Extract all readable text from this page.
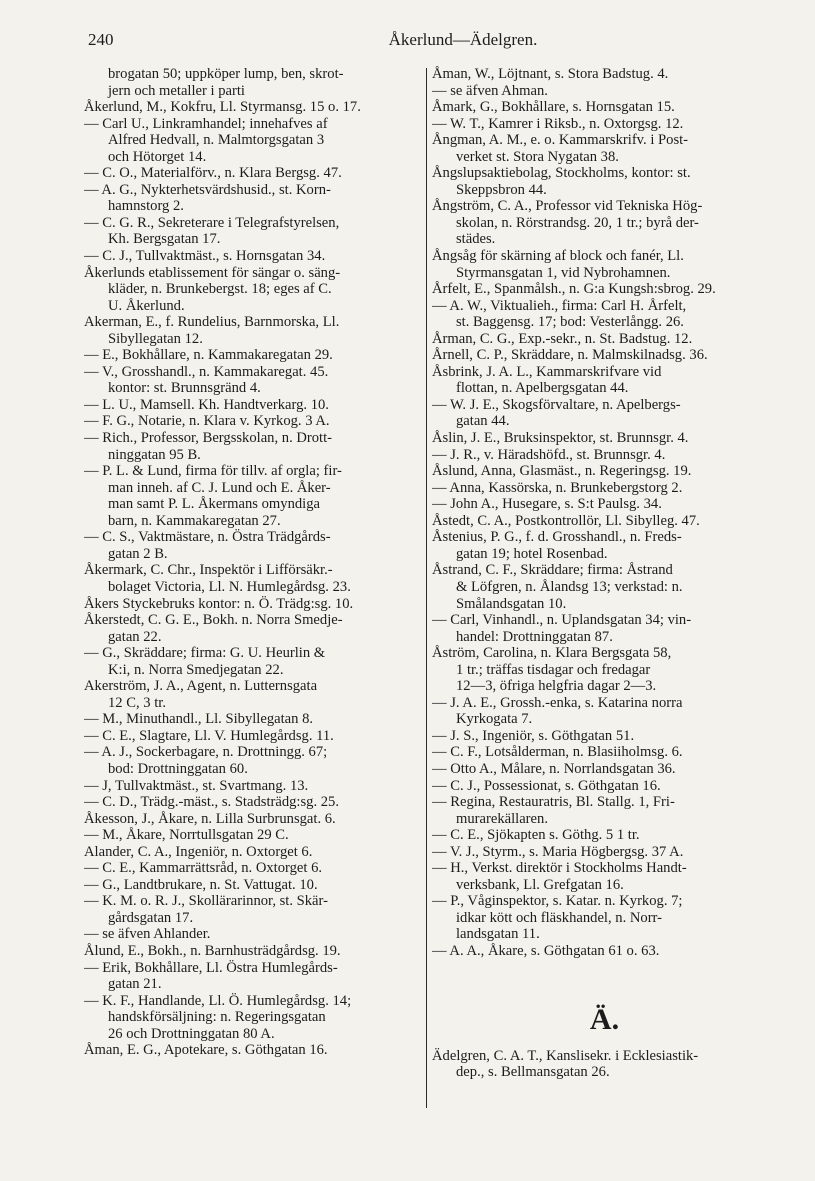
240	Åkerlund—Ädelgren.
brogatan 50; uppköper lump, ben, skrot-
jern och metaller i parti
Åkerlund, M., Kokfru, Ll. Styrmansg. 15 o. 17.
— Carl U., Linkramhandel; innehafves af
Alfred Hedvall, n. Malmtorgsgatan 3
och Hötorget 14.
— C. O., Materialförv., n. Klara Bergsg. 47.
— A. G., Nykterhetsvärdshusid., st. Korn-
hamnstorg 2.
— C. G. R., Sekreterare i Telegrafstyrelsen,
Kh. Bergsgatan 17.
— C. J., Tullvaktmäst., s. Hornsgatan 34.
Åkerlunds etablissement för sängar o. säng-
kläder, n. Brunkebergst. 18; eges af C.
U. Åkerlund.
Akerman, E., f. Rundelius, Barnmorska, Ll.
Sibyllegatan 12.
— E., Bokhållare, n. Kammakaregatan 29.
— V., Grosshandl., n. Kammakaregat. 45.
kontor: st. Brunnsgränd 4.
— L. U., Mamsell. Kh. Handtverkarg. 10.
— F. G., Notarie, n. Klara v. Kyrkog. 3 A.
— Rich., Professor, Bergsskolan, n. Drott-
ninggatan 95 B.
— P. L. & Lund, firma för tillv. af orgla; fir-
man inneh. af C. J. Lund och E. Åker-
man samt P. L. Åkermans omyndiga
barn, n. Kammakaregatan 27.
— C. S., Vaktmästare, n. Östra Trädgårds-
gatan 2 B.
Åkermark, C. Chr., Inspektör i Lifförsäkr.-
bolaget Victoria, Ll. N. Humlegårdsg. 23.
Åkers Styckebruks kontor: n. Ö. Trädg:sg. 10.
Åkerstedt, C. G. E., Bokh. n. Norra Smedje-
gatan 22.
— G., Skräddare; firma: G. U. Heurlin &
K:i, n. Norra Smedjegatan 22.
Akerström, J. A., Agent, n. Lutternsgata
12 C, 3 tr.
— M., Minuthandl., Ll. Sibyllegatan 8.
— C. E., Slagtare, Ll. V. Humlegårdsg. 11.
— A. J., Sockerbagare, n. Drottningg. 67;
bod: Drottninggatan 60.
— J, Tullvaktmäst., st. Svartmang. 13.
— C. D., Trädg.-mäst., s. Stadsträdg:sg. 25.
Åkesson, J., Åkare, n. Lilla Surbrunsgat. 6.
— M., Åkare, Norrtullsgatan 29 C.
Alander, C. A., Ingeniör, n. Oxtorget 6.
— C. E., Kammarrättsråd, n. Oxtorget 6.
— G., Landtbrukare, n. St. Vattugat. 10.
— K. M. o. R. J., Skollärarinnor, st. Skär-
gårdsgatan 17.
— se äfven Ahlander.
Ålund, E., Bokh., n. Barnhusträdgårdsg. 19.
— Erik, Bokhållare, Ll. Östra Humlegårds-
gatan 21.
— K. F., Handlande, Ll. Ö. Humlegårdsg. 14;
handskförsäljning: n. Regeringsgatan
26 och Drottninggatan 80 A.
Åman, E. G., Apotekare, s. Göthgatan 16.
Åman, W., Löjtnant, s. Stora Badstug. 4.
— se äfven Ahman.
Åmark, G., Bokhållare, s. Hornsgatan 15.
— W. T., Kamrer i Riksb., n. Oxtorgsg. 12.
Ångman, A. M., e. o. Kammarskrifv. i Post-
verket st. Stora Nygatan 38.
Ångslupsaktiebolag, Stockholms, kontor: st.
Skeppsbron 44.
Ångström, C. A., Professor vid Tekniska Hög-
skolan, n. Rörstrandsg. 20, 1 tr.; byrå der-
städes.
Ångsåg för skärning af block och fanér, Ll.
Styrmansgatan 1, vid Nybrohamnen.
Årfelt, E., Spanmålsh., n. G:a Kungsh:sbrog. 29.
— A. W., Viktualieh., firma: Carl H. Årfelt,
st. Baggensg. 17; bod: Vesterlångg. 26.
Årman, C. G., Exp.-sekr., n. St. Badstug. 12.
Årnell, C. P., Skräddare, n. Malmskilnadsg. 36.
Åsbrink, J. A. L., Kammarskrifvare vid
flottan, n. Apelbergsgatan 44.
— W. J. E., Skogsförvaltare, n. Apelbergs-
gatan 44.
Åslin, J. E., Bruksinspektor, st. Brunnsgr. 4.
— J. R., v. Häradshöfd., st. Brunnsgr. 4.
Åslund, Anna, Glasmäst., n. Regeringsg. 19.
— Anna, Kassörska, n. Brunkebergstorg 2.
— John A., Husegare, s. S:t Paulsg. 34.
Åstedt, C. A., Postkontrollör, Ll. Sibylleg. 47.
Åstenius, P. G., f. d. Grosshandl., n. Freds-
gatan 19; hotel Rosenbad.
Åstrand, C. F., Skräddare; firma: Åstrand
& Löfgren, n. Ålandsg 13; verkstad: n.
Smålandsgatan 10.
— Carl, Vinhandl., n. Uplandsgatan 34; vin-
handel: Drottninggatan 87.
Åström, Carolina, n. Klara Bergsgata 58,
1 tr.; träffas tisdagar och fredagar
12—3, öfriga helgfria dagar 2—3.
— J. A. E., Grossh.-enka, s. Katarina norra
Kyrkogata 7.
— J. S., Ingeniör, s. Göthgatan 51.
— C. F., Lotsålderman, n. Blasiiholmsg. 6.
— Otto A., Målare, n. Norrlandsgatan 36.
— C. J., Possessionat, s. Göthgatan 16.
— Regina, Restauratris, Bl. Stallg. 1, Fri-
murarekällaren.
— C. E., Sjökapten s. Göthg. 5 1 tr.
— V. J., Styrm., s. Maria Högbergsg. 37 A.
— H., Verkst. direktör i Stockholms Handt-
verksbank, Ll. Grefgatan 16.
— P., Våginspektor, s. Katar. n. Kyrkog. 7;
idkar kött och fläskhandel, n. Norr-
landsgatan 11.
— A. A., Åkare, s. Göthgatan 61 o. 63.
Ä.
Ädelgren, C. A. T., Kanslisekr. i Ecklesiastik-
dep., s. Bellmansgatan 26.
